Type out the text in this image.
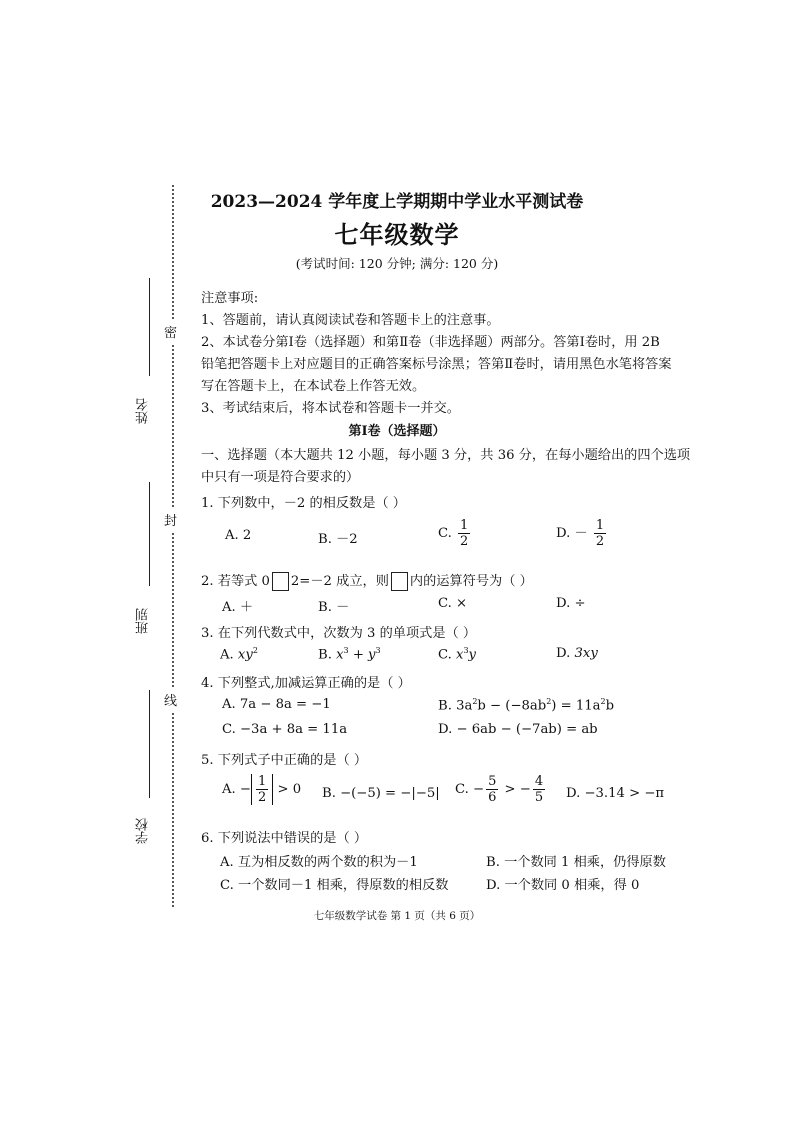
密
封
线
姓名
班别
学校
2023—2024 学年度上学期期中学业水平测试卷
七年级数学
(考试时间: 120 分钟; 满分: 120 分)
注意事项:
1、答题前，请认真阅读试卷和答题卡上的注意事。
2、本试卷分第Ⅰ卷（选择题）和第Ⅱ卷（非选择题）两部分。答第Ⅰ卷时，用 2B
铅笔把答题卡上对应题目的正确答案标号涂黑；答第Ⅱ卷时，请用黑色水笔将答案
写在答题卡上，在本试卷上作答无效。
3、考试结束后，将本试卷和答题卡一并交。
第Ⅰ卷（选择题）
一、选择题（本大题共 12 小题，每小题 3 分，共 36 分，在每小题给出的四个选项
中只有一项是符合要求的）
1. 下列数中，－2 的相反数是（ ）
A. 2	B. －2	C. $\frac{1}{2}$	D. － $\frac{1}{2}$
2. 若等式 0 2=－2 成立，则 内的运算符号为（ ）
A. ＋	B. －	C. ×	D. ÷
3. 在下列代数式中，次数为 3 的单项式是（ ）
A. $xy^2$	B. $x^3 + y^3$	C. $x^3y$	D. 3xy
4. 下列整式,加减运算正确的是（ ）
A. 7a − 8a = −1	B. $3a^2b - (-8ab^2) = 11a^2b$
C. −3a + 8a = 11a	D. − 6ab − (−7ab) = ab
5. 下列式子中正确的是（ ）
A. − $\frac{1}{2} > 0$ B. −(−5) = −|−5| C. − $\frac{5}{6}$ > − $\frac{4}{5} D$. −3.14 > −π
6. 下列说法中错误的是（ ）
A. 互为相反数的两个数的积为－1	B. 一个数同 1 相乘，仍得原数
C. 一个数同－1 相乘，得原数的相反数	D. 一个数同 0 相乘，得 0
七年级数学试卷 第 1 页（共 6 页）
